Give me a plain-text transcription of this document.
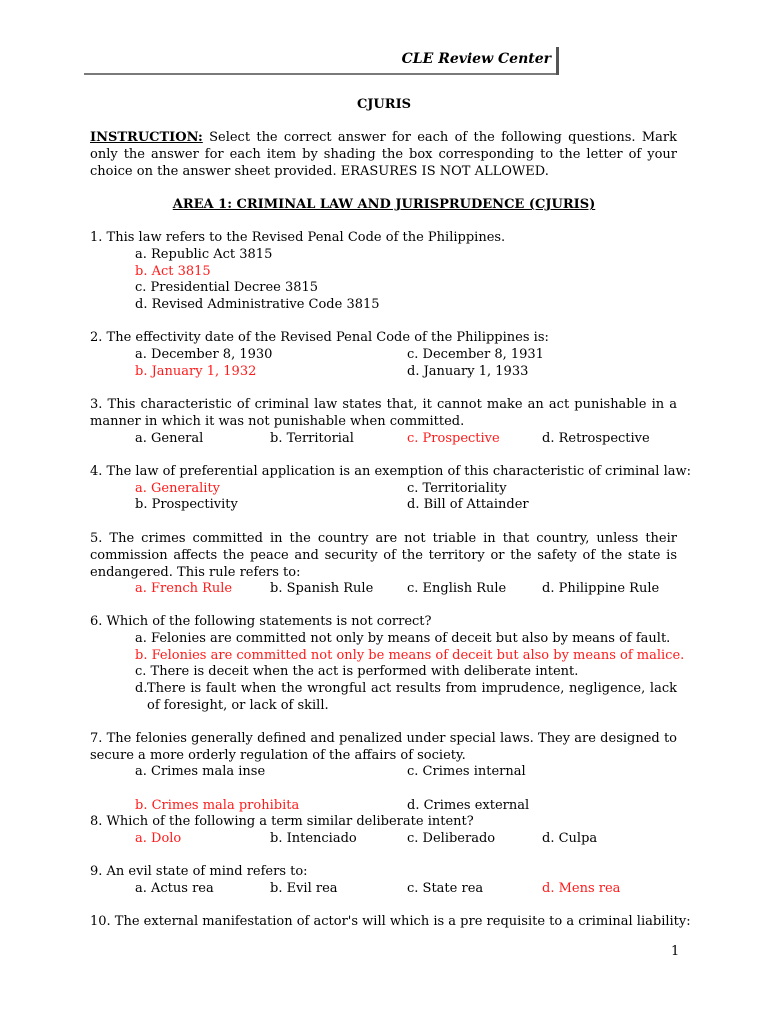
CLE Review Center
CJURIS
INSTRUCTION: Select the correct answer for each of the following questions. Mark only the answer for each item by shading the box corresponding to the letter of your choice on the answer sheet provided. ERASURES IS NOT ALLOWED.
AREA 1: CRIMINAL LAW AND JURISPRUDENCE (CJURIS)
1. This law refers to the Revised Penal Code of the Philippines.
a. Republic Act 3815
b. Act 3815
c. Presidential Decree 3815
d. Revised Administrative Code 3815
2. The effectivity date of the Revised Penal Code of the Philippines is:
a. December 8, 1930	c. December 8, 1931
b. January 1, 1932	d. January 1, 1933
3. This characteristic of criminal law states that, it cannot make an act punishable in a manner in which it was not punishable when committed.
a. General	b. Territorial	c. Prospective	d. Retrospective
4. The law of preferential application is an exemption of this characteristic of criminal law:
a. Generality	c. Territoriality
b. Prospectivity	d. Bill of Attainder
5. The crimes committed in the country are not triable in that country, unless their commission affects the peace and security of the territory or the safety of the state is endangered. This rule refers to:
a. French Rule	b. Spanish Rule	c. English Rule	d. Philippine Rule
6. Which of the following statements is not correct?
a. Felonies are committed not only by means of deceit but also by means of fault.
b. Felonies are committed not only be means of deceit but also by means of malice.
c. There is deceit when the act is performed with deliberate intent.
d. There is fault when the wrongful act results from imprudence, negligence, lack of foresight, or lack of skill.
7. The felonies generally defined and penalized under special laws. They are designed to secure a more orderly regulation of the affairs of society.
a. Crimes mala inse	c. Crimes internal
b. Crimes mala prohibita	d. Crimes external
8. Which of the following a term similar deliberate intent?
a. Dolo	b. Intenciado	c. Deliberado	d. Culpa
9. An evil state of mind refers to:
a. Actus rea	b. Evil rea	c. State rea	d. Mens rea
10. The external manifestation of actor's will which is a pre requisite to a criminal liability:
1
